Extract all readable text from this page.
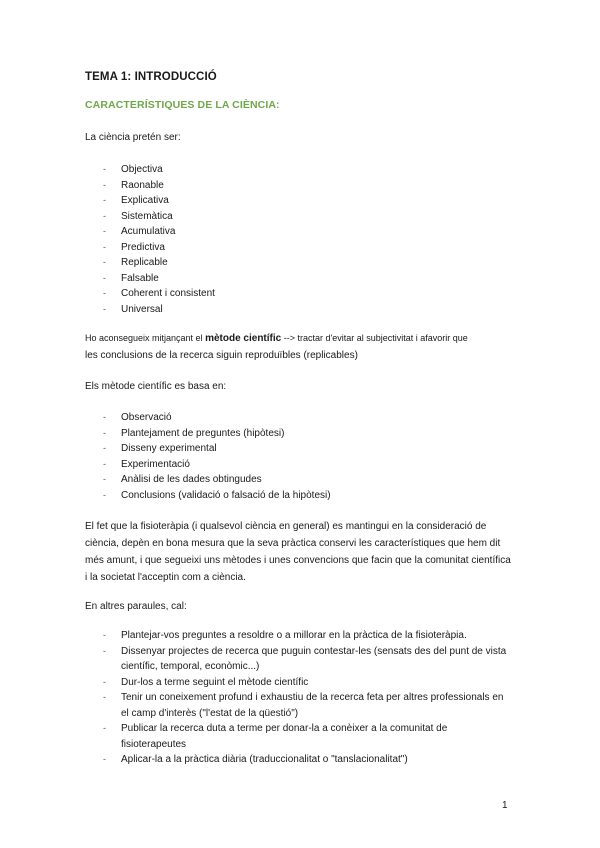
TEMA 1: INTRODUCCIÓ
CARACTERÍSTIQUES DE LA CIÈNCIA:
La ciència pretén ser:
- Objectiva
- Raonable
- Explicativa
- Sistemàtica
- Acumulativa
- Predictiva
- Replicable
- Falsable
- Coherent i consistent
- Universal
Ho aconsegueix mitjançant el mètode científic --> tractar d'evitar al subjectivitat i afavorir que
les conclusions de la recerca siguin reproduïbles (replicables)
Els mètode científic es basa en:
- Observació
- Plantejament de preguntes (hipòtesi)
- Disseny experimental
- Experimentació
- Anàlisi de les dades obtingudes
- Conclusions (validació o falsació de la hipòtesi)
El fet que la fisioteràpia (i qualsevol ciència en general) es mantingui en la consideració de
ciència, depèn en bona mesura que la seva pràctica conservi les característiques que hem dit
més amunt, i que segueixi uns mètodes i unes convencions que facin que la comunitat científica
i la societat l'acceptin com a ciència.
En altres paraules, cal:
- Plantejar-vos preguntes a resoldre o a millorar en la pràctica de la fisioteràpia.
- Dissenyar projectes de recerca que puguin contestar-les (sensats des del punt de vista
científic, temporal, econòmic...)
- Dur-los a terme seguint el mètode científic
- Tenir un coneixement profund i exhaustiu de la recerca feta per altres professionals en
el camp d'interès ("l'estat de la qüestió")
- Publicar la recerca duta a terme per donar-la a conèixer a la comunitat de
fisioterapeutes
- Aplicar-la a la pràctica diària (traduccionalitat o "tanslacionalitat")
1
